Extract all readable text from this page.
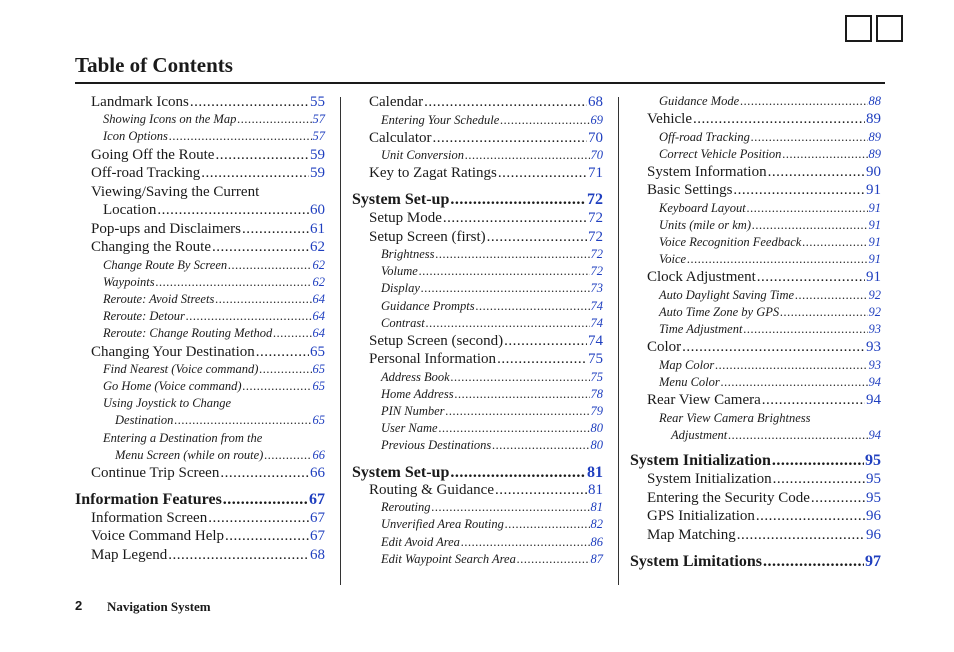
Table of Contents
Landmark Icons .....	55
Showing Icons on the Map .....	57
Icon Options .....	57
Going Off the Route .....	59
Off-road Tracking .....	59
Viewing/Saving the Current
Location .....	60
Pop-ups and Disclaimers .....	61
Changing the Route .....	62
Change Route By Screen .....	62
Waypoints .....	62
Reroute: Avoid Streets .....	64
Reroute: Detour .....	64
Reroute: Change Routing Method .....	64
Changing Your Destination .....	65
Find Nearest (Voice command) .....	65
Go Home (Voice command) .....	65
Using Joystick to Change
Destination .....	65
Entering a Destination from the
Menu Screen (while on route) .....	66
Continue Trip Screen .....	66
Information Features .....	67
Information Screen .....	67
Voice Command Help .....	67
Map Legend .....	68
Calendar .....	68
Entering Your Schedule .....	69
Calculator .....	70
Unit Conversion .....	70
Key to Zagat Ratings .....	71
System Set-up .....	72
Setup Mode .....	72
Setup Screen (first) .....	72
Brightness .....	72
Volume .....	72
Display .....	73
Guidance Prompts .....	74
Contrast .....	74
Setup Screen (second) .....	74
Personal Information .....	75
Address Book .....	75
Home Address .....	78
PIN Number .....	79
User Name .....	80
Previous Destinations .....	80
System Set-up .....	81
Routing & Guidance .....	81
Rerouting .....	81
Unverified Area Routing .....	82
Edit Avoid Area .....	86
Edit Waypoint Search Area .....	87
Guidance Mode .....	88
Vehicle .....	89
Off-road Tracking .....	89
Correct Vehicle Position .....	89
System Information .....	90
Basic Settings .....	91
Keyboard Layout .....	91
Units (mile or km) .....	91
Voice Recognition Feedback .....	91
Voice .....	91
Clock Adjustment .....	91
Auto Daylight Saving Time .....	92
Auto Time Zone by GPS .....	92
Time Adjustment .....	93
Color .....	93
Map Color .....	93
Menu Color .....	94
Rear View Camera .....	94
Rear View Camera Brightness
Adjustment .....	94
System Initialization .....	95
System Initialization .....	95
Entering the Security Code .....	95
GPS Initialization .....	96
Map Matching .....	96
System Limitations .....	97
2 Navigation System
